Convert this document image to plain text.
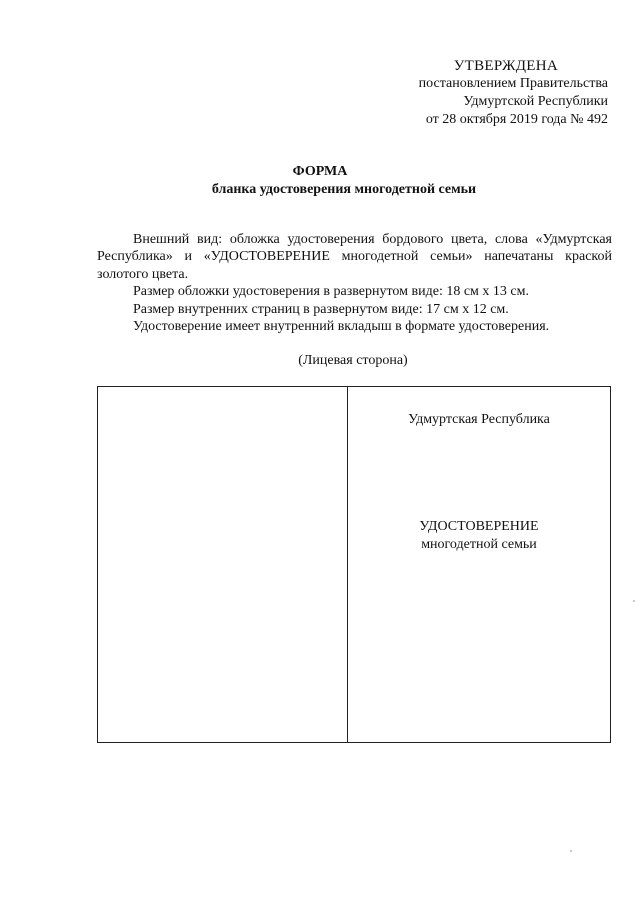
УТВЕРЖДЕНА
постановлением Правительства
Удмуртской Республики
от 28 октября 2019 года № 492
ФОРМА
бланка удостоверения многодетной семьи

Внешний вид: обложка удостоверения бордового цвета, слова «Удмуртская Республика» и «УДОСТОВЕРЕНИЕ многодетной семьи» напечатаны краской золотого цвета.

Размер обложки удостоверения в развернутом виде: 18 см х 13 см.

Размер внутренних страниц в развернутом виде: 17 см х 12 см.

Удостоверение имеет внутренний вкладыш в формате удостоверения.

(Лицевая сторона)
Удмуртская Республика
УДОСТОВЕРЕНИЕ
многодетной семьи
